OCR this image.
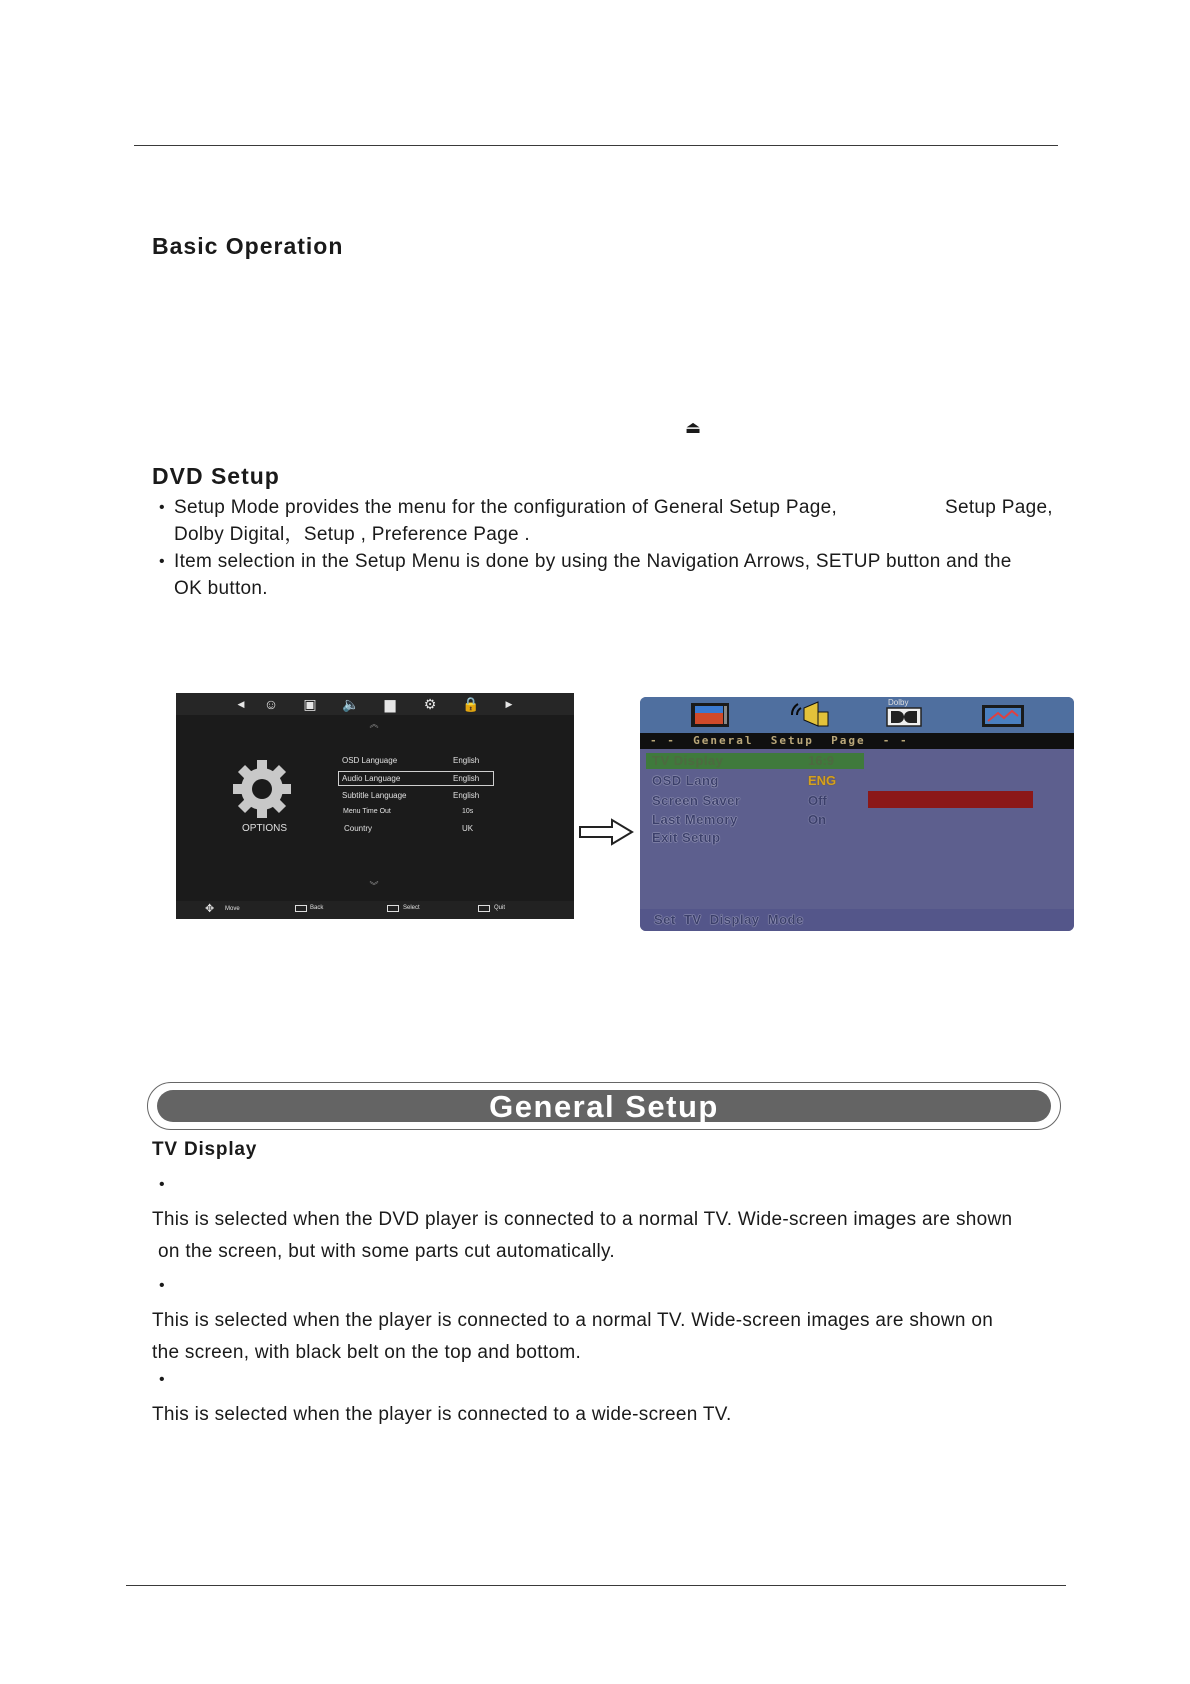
Basic Operation
⏏
DVD Setup
• Setup Mode provides the menu for the configuration of General Setup Page,	Setup Page,
Dolby Digital，Setup , Preference Page .
• Item selection in the Setup Menu is done by using the Navigation Arrows, SETUP button and the
OK button.
◀	☺ ▣ 🔈 ▆ ⚙ 🔒	▶
︽
OPTIONS
OSD Language	English
Audio Language	English
Subtitle Language	English
Menu Time Out	10s
Country	UK
︾
✥ Move	Back	Select	Quit
Dolby
- -  General  Setup  Page  - -
TV Display	16:9
OSD Lang	ENG
Screen Saver	Off
Last Memory	On
Exit Setup
Set  TV  Display  Mode
General Setup
TV Display
•
This is selected when the DVD player is connected to a normal TV. Wide-screen images are shown
on the screen, but with some parts cut automatically.
•
This is selected when the player is connected to a normal TV. Wide-screen images are shown on
the screen, with black belt on the top and bottom.
•
This is selected when the player is connected to a wide-screen TV.
